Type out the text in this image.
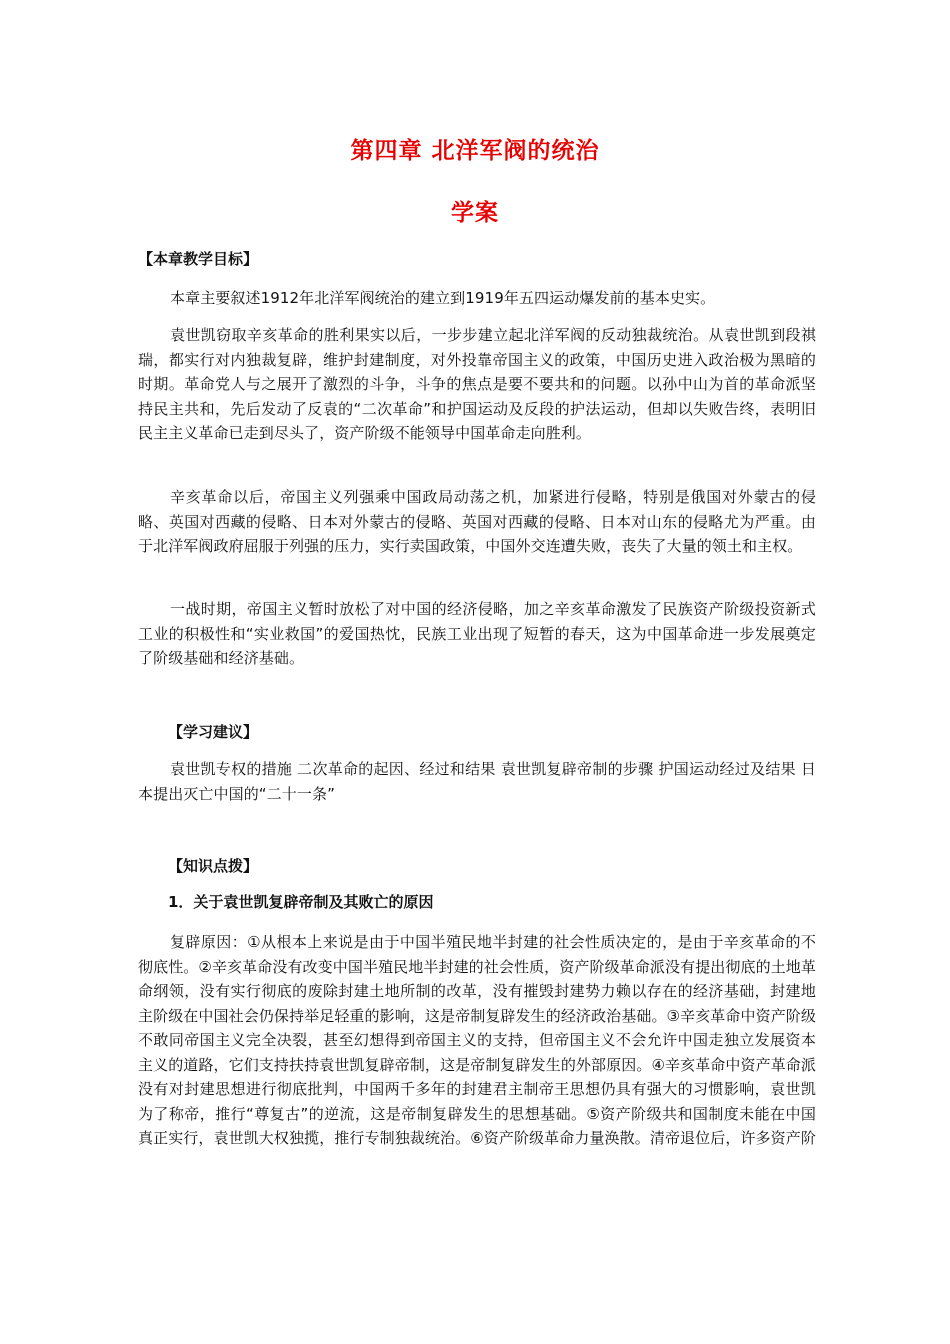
第四章 北洋军阀的统治
学案
【本章教学目标】

本章主要叙述1912年北洋军阀统治的建立到1919年五四运动爆发前的基本史实。

袁世凯窃取辛亥革命的胜利果实以后，一步步建立起北洋军阀的反动独裁统治。从袁世凯到段祺瑞，都实行对内独裁复辟，维护封建制度，对外投靠帝国主义的政策，中国历史进入政治极为黑暗的时期。革命党人与之展开了激烈的斗争，斗争的焦点是要不要共和的问题。以孙中山为首的革命派坚持民主共和，先后发动了反袁的“二次革命”和护国运动及反段的护法运动，但却以失败告终，表明旧民主主义革命已走到尽头了，资产阶级不能领导中国革命走向胜利。

辛亥革命以后，帝国主义列强乘中国政局动荡之机，加紧进行侵略，特别是俄国对外蒙古的侵略、英国对西藏的侵略、日本对外蒙古的侵略、英国对西藏的侵略、日本对山东的侵略尤为严重。由于北洋军阀政府屈服于列强的压力，实行卖国政策，中国外交连遭失败，丧失了大量的领土和主权。

一战时期，帝国主义暂时放松了对中国的经济侵略，加之辛亥革命激发了民族资产阶级投资新式工业的积极性和“实业救国”的爱国热忱，民族工业出现了短暂的春天，这为中国革命进一步发展奠定了阶级基础和经济基础。

【学习建议】

袁世凯专权的措施 二次革命的起因、经过和结果 袁世凯复辟帝制的步骤 护国运动经过及结果 日本提出灭亡中国的“二十一条”

【知识点拨】
1．关于袁世凯复辟帝制及其败亡的原因

复辟原因：①从根本上来说是由于中国半殖民地半封建的社会性质决定的，是由于辛亥革命的不彻底性。②辛亥革命没有改变中国半殖民地半封建的社会性质，资产阶级革命派没有提出彻底的土地革命纲领，没有实行彻底的废除封建土地所制的改革，没有摧毁封建势力赖以存在的经济基础，封建地主阶级在中国社会仍保持举足轻重的影响，这是帝制复辟发生的经济政治基础。③辛亥革命中资产阶级不敢同帝国主义完全决裂，甚至幻想得到帝国主义的支持，但帝国主义不会允许中国走独立发展资本主义的道路，它们支持扶持袁世凯复辟帝制，这是帝制复辟发生的外部原因。④辛亥革命中资产革命派没有对封建思想进行彻底批判，中国两千多年的封建君主制帝王思想仍具有强大的习惯影响，袁世凯为了称帝，推行“尊复古”的逆流，这是帝制复辟发生的思想基础。⑤资产阶级共和国制度未能在中国真正实行，袁世凯大权独揽，推行专制独裁统治。⑥资产阶级革命力量涣散。清帝退位后，许多资产阶
